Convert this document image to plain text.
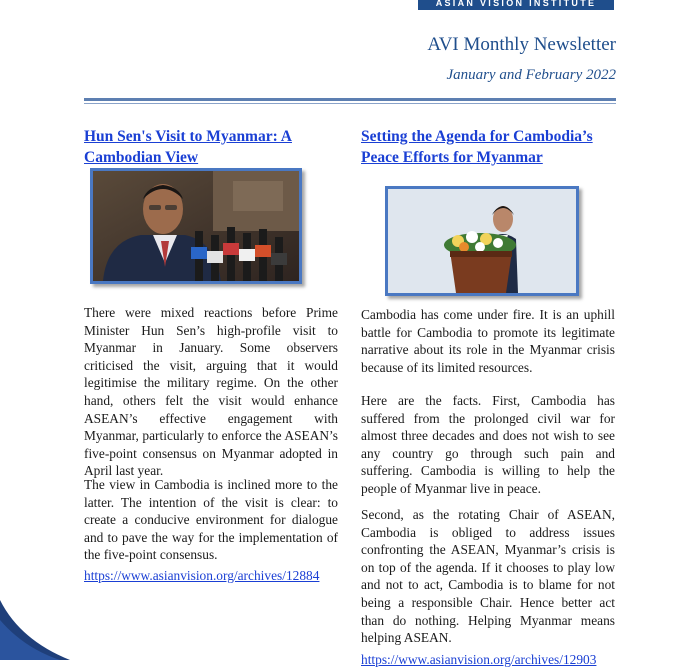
ASIAN VISION INSTITUTE
AVI Monthly Newsletter
January and February 2022
Hun Sen's Visit to Myanmar: A Cambodian View

There were mixed reactions before Prime Minister Hun Sen’s high-profile visit to Myanmar in January. Some observers criticised the visit, arguing that it would legitimise the military regime. On the other hand, others felt the visit would enhance ASEAN’s effective engagement with Myanmar, particularly to enforce the ASEAN’s five-point consensus on Myanmar adopted in April last year.

The view in Cambodia is inclined more to the latter. The intention of the visit is clear: to create a conducive environment for dialogue and to pave the way for the implementation of the five-point consensus.

https://www.asianvision.org/archives/12884
Setting the Agenda for Cambodia’s Peace Efforts for Myanmar

Cambodia has come under fire. It is an uphill battle for Cambodia to promote its legitimate narrative about its role in the Myanmar crisis because of its limited resources.

Here are the facts. First, Cambodia has suffered from the prolonged civil war for almost three decades and does not wish to see any country go through such pain and suffering. Cambodia is willing to help the people of Myanmar live in peace.

Second, as the rotating Chair of ASEAN, Cambodia is obliged to address issues confronting the ASEAN, Myanmar’s crisis is on top of the agenda. If it chooses to play low and not to act, Cambodia is to blame for not being a responsible Chair. Hence better act than do nothing. Helping Myanmar means helping ASEAN.

https://www.asianvision.org/archives/12903
